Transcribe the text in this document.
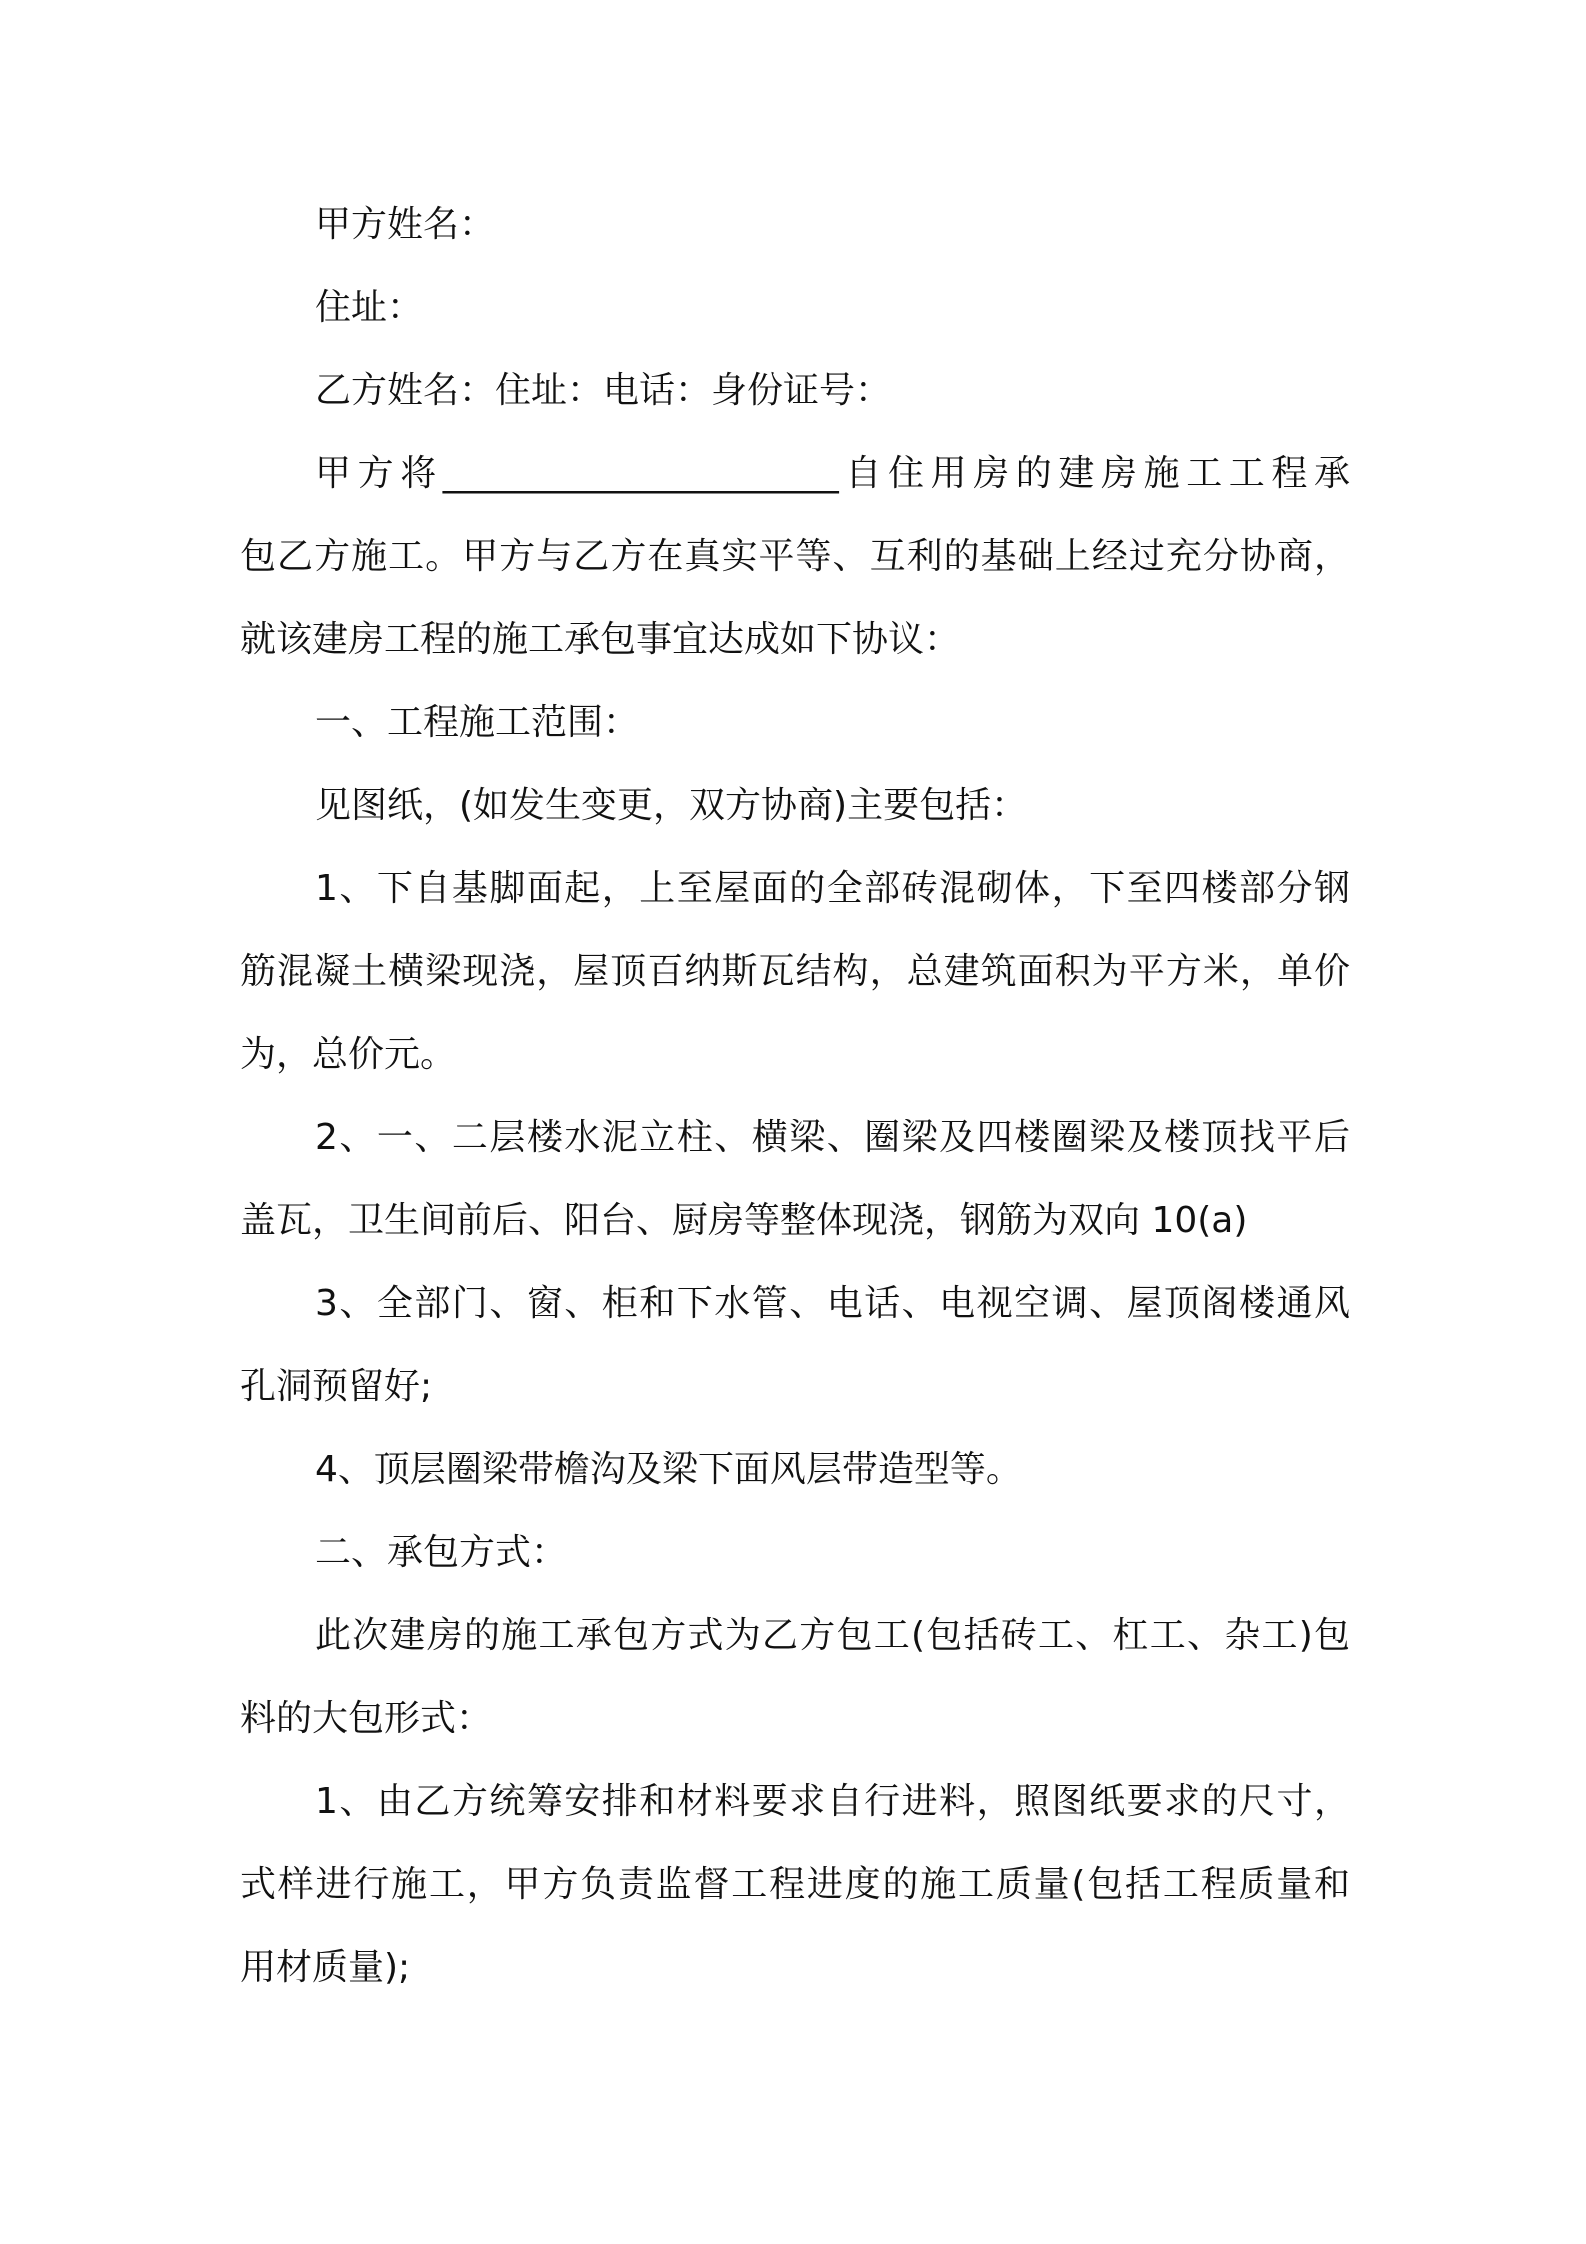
甲方姓名：
住址：
乙方姓名：住址：电话：身份证号：
甲方将______________________自住用房的建房施工工程承
包乙方施工。甲方与乙方在真实平等、互利的基础上经过充分协商，
就该建房工程的施工承包事宜达成如下协议：
一、工程施工范围：
见图纸，(如发生变更，双方协商)主要包括：
1、下自基脚面起，上至屋面的全部砖混砌体，下至四楼部分钢
筋混凝土横梁现浇，屋顶百纳斯瓦结构，总建筑面积为平方米，单价
为，总价元。
2、一、二层楼水泥立柱、横梁、圈梁及四楼圈梁及楼顶找平后
盖瓦，卫生间前后、阳台、厨房等整体现浇，钢筋为双向 10(a)
3、全部门、窗、柜和下水管、电话、电视空调、屋顶阁楼通风
孔洞预留好;
4、顶层圈梁带檐沟及梁下面风层带造型等。
二、承包方式：
此次建房的施工承包方式为乙方包工(包括砖工、杠工、杂工)包
料的大包形式：
1、由乙方统筹安排和材料要求自行进料，照图纸要求的尺寸，
式样进行施工，甲方负责监督工程进度的施工质量(包括工程质量和
用材质量);
